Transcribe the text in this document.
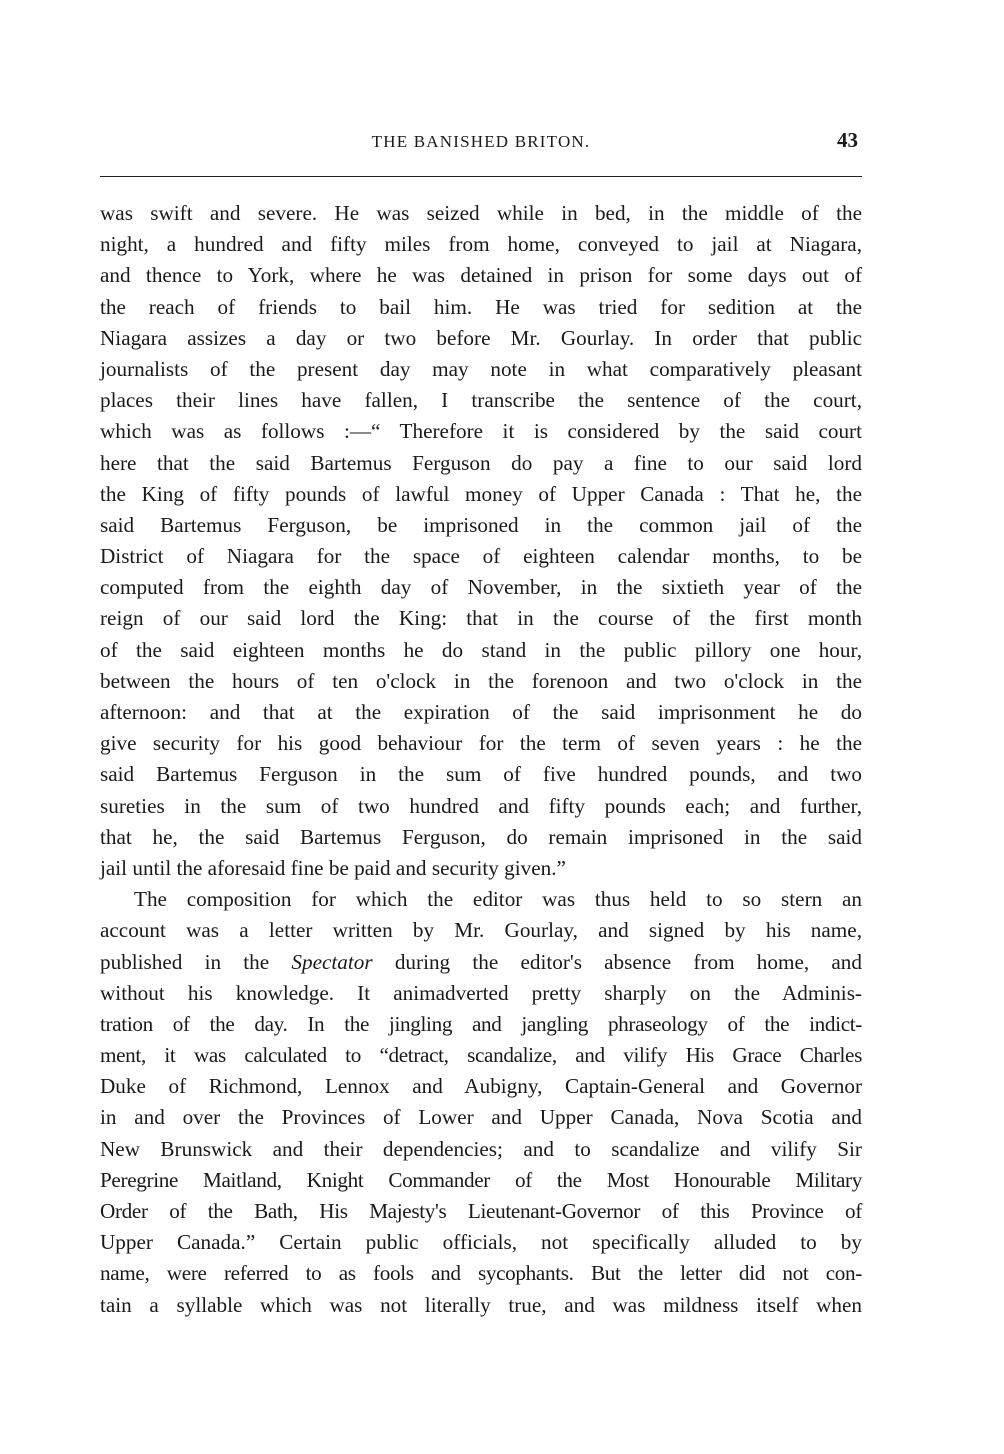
THE BANISHED BRITON.	43
was swift and severe. He was seized while in bed, in the middle of the
night, a hundred and fifty miles from home, conveyed to jail at Niagara,
and thence to York, where he was detained in prison for some days out of
the reach of friends to bail him. He was tried for sedition at the
Niagara assizes a day or two before Mr. Gourlay. In order that public
journalists of the present day may note in what comparatively pleasant
places their lines have fallen, I transcribe the sentence of the court,
which was as follows :—“ Therefore it is considered by the said court
here that the said Bartemus Ferguson do pay a fine to our said lord
the King of fifty pounds of lawful money of Upper Canada : That he, the
said Bartemus Ferguson, be imprisoned in the common jail of the
District of Niagara for the space of eighteen calendar months, to be
computed from the eighth day of November, in the sixtieth year of the
reign of our said lord the King: that in the course of the first month
of the said eighteen months he do stand in the public pillory one hour,
between the hours of ten o'clock in the forenoon and two o'clock in the
afternoon: and that at the expiration of the said imprisonment he do
give security for his good behaviour for the term of seven years : he the
said Bartemus Ferguson in the sum of five hundred pounds, and two
sureties in the sum of two hundred and fifty pounds each; and further,
that he, the said Bartemus Ferguson, do remain imprisoned in the said
jail until the aforesaid fine be paid and security given.”
The composition for which the editor was thus held to so stern an
account was a letter written by Mr. Gourlay, and signed by his name,
published in the Spectator during the editor's absence from home, and
without his knowledge. It animadverted pretty sharply on the Adminis-
tration of the day. In the jingling and jangling phraseology of the indict-
ment, it was calculated to “detract, scandalize, and vilify His Grace Charles
Duke of Richmond, Lennox and Aubigny, Captain-General and Governor
in and over the Provinces of Lower and Upper Canada, Nova Scotia and
New Brunswick and their dependencies; and to scandalize and vilify Sir
Peregrine Maitland, Knight Commander of the Most Honourable Military
Order of the Bath, His Majesty's Lieutenant-Governor of this Province of
Upper Canada.” Certain public officials, not specifically alluded to by
name, were referred to as fools and sycophants. But the letter did not con-
tain a syllable which was not literally true, and was mildness itself when
